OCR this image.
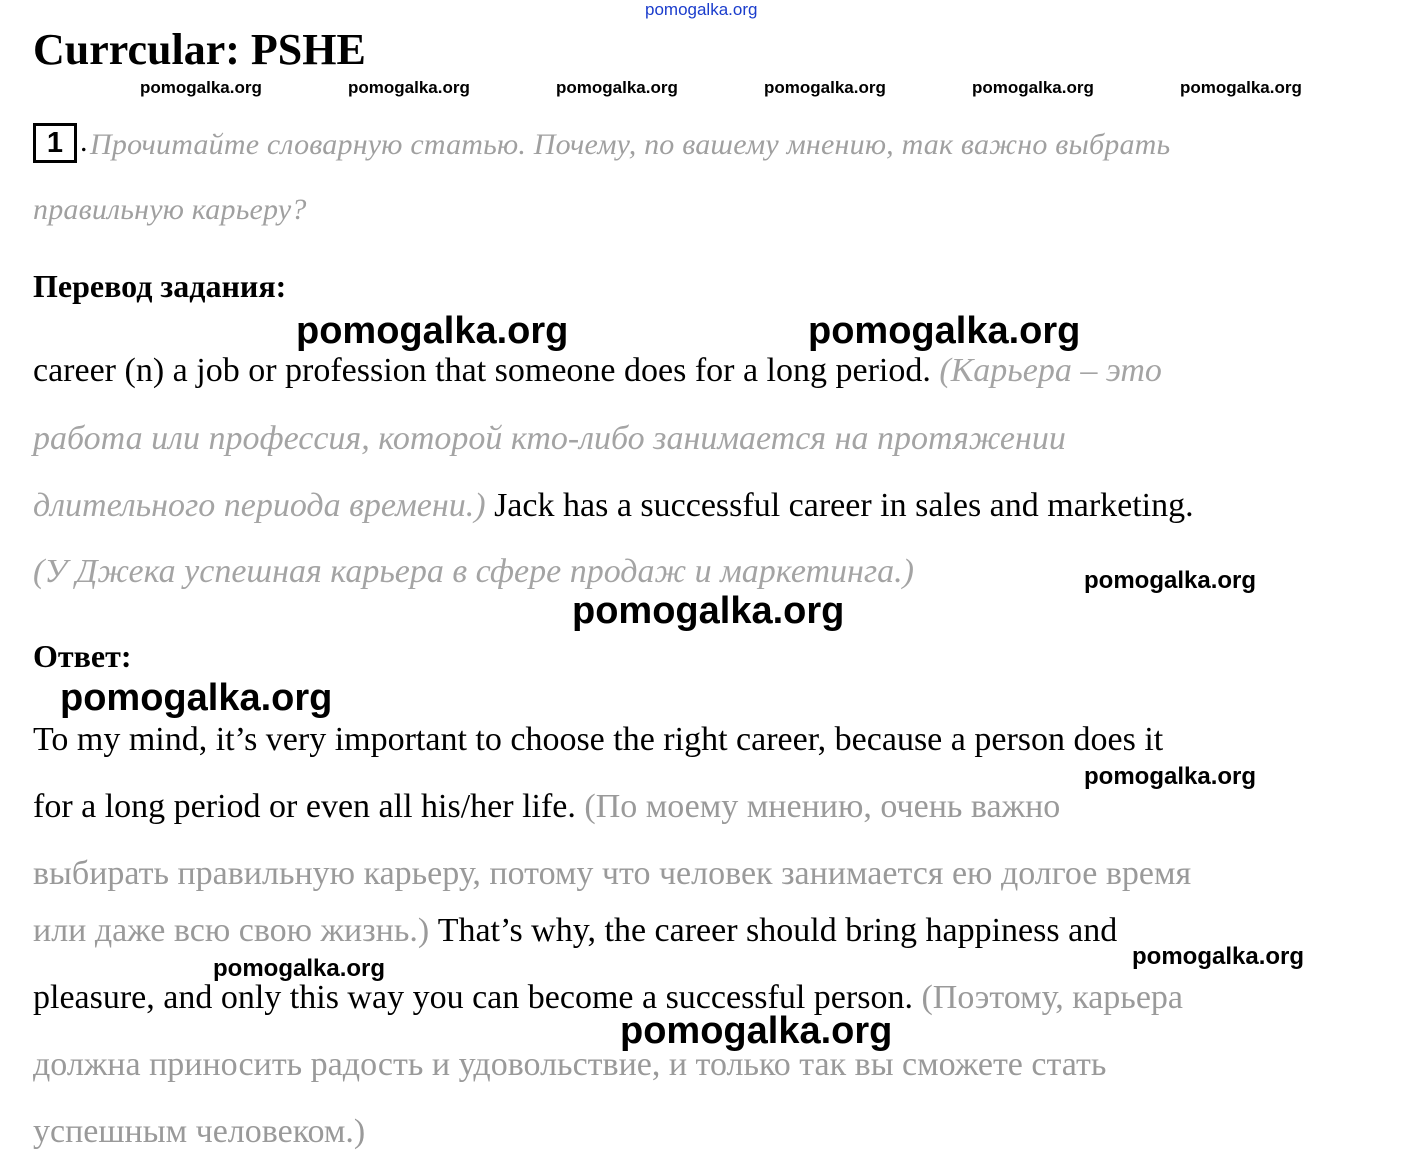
pomogalka.org
Currcular: PSHE
pomogalka.org	pomogalka.org	pomogalka.org	pomogalka.org	pomogalka.org	pomogalka.org
1 . Прочитайте словарную статью. Почему, по вашему мнению, так важно выбрать
правильную карьеру?
Перевод задания:
pomogalka.org	pomogalka.org
career (n) a job or profession that someone does for a long period. (Карьера – это
работа или профессия, которой кто-либо занимается на протяжении
длительного периода времени.) Jack has a successful career in sales and marketing.
(У Джека успешная карьера в сфере продаж и маркетинга.)	pomogalka.org
pomogalka.org
Ответ:
pomogalka.org
To my mind, it’s very important to choose the right career, because a person does it
pomogalka.org
for a long period or even all his/her life. (По моему мнению, очень важно
выбирать правильную карьеру, потому что человек занимается ею долгое время
или даже всю свою жизнь.) That’s why, the career should bring happiness and
pomogalka.org	pomogalka.org
pleasure, and only this way you can become a successful person. (Поэтому, карьера
pomogalka.org
должна приносить радость и удовольствие, и только так вы сможете стать
успешным человеком.)
